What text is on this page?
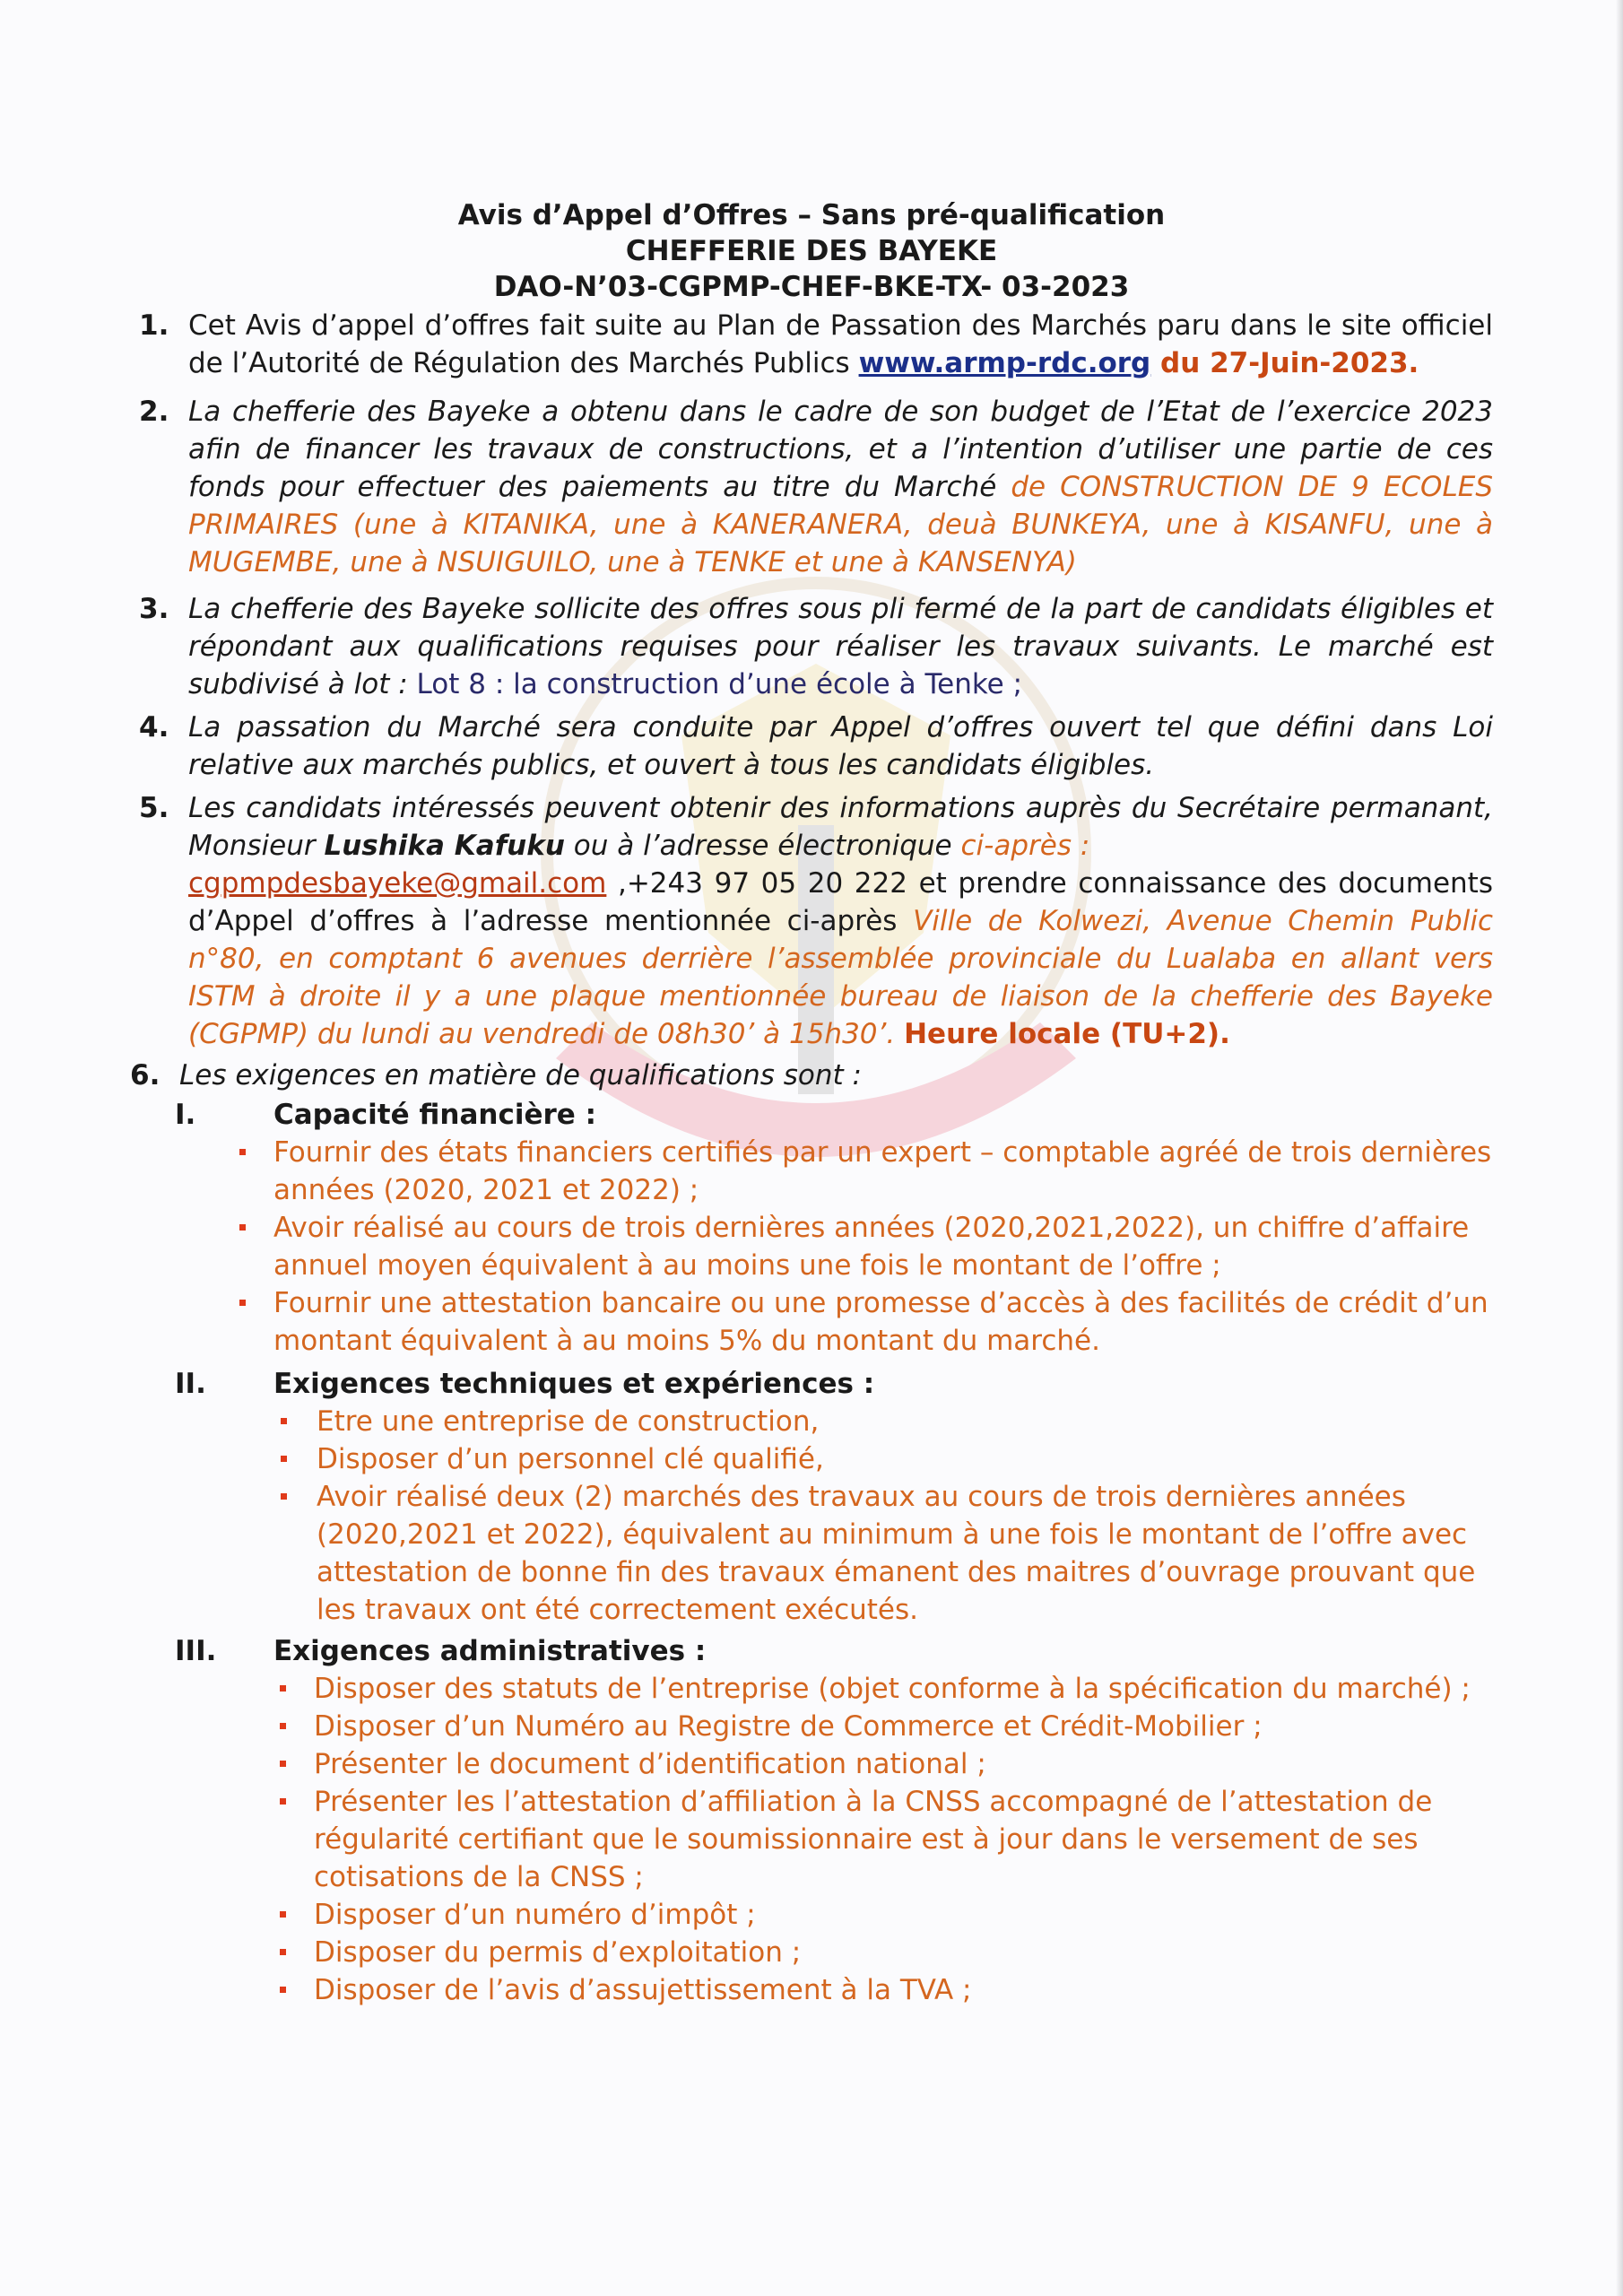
Avis d’Appel d’Offres – Sans pré-qualification
CHEFFERIE DES BAYEKE
DAO-N’03-CGPMP-CHEF-BKE-TX- 03-2023
1. Cet Avis d’appel d’offres fait suite au Plan de Passation des Marchés paru dans le site officiel de l’Autorité de Régulation des Marchés Publics www.armp-rdc.org du 27-Juin-2023.

2. La chefferie des Bayeke a obtenu dans le cadre de son budget de l’Etat de l’exercice 2023 afin de financer les travaux de constructions, et a l’intention d’utiliser une partie de ces fonds pour effectuer des paiements au titre du Marché de CONSTRUCTION DE 9 ECOLES PRIMAIRES (une à KITANIKA, une à KANERANERA, deuà BUNKEYA, une à KISANFU, une à MUGEMBE, une à NSUIGUILO, une à TENKE et une à KANSENYA)

3. La chefferie des Bayeke sollicite des offres sous pli fermé de la part de candidats éligibles et répondant aux qualifications requises pour réaliser les travaux suivants. Le marché est subdivisé à lot : Lot 8 : la construction d’une école à Tenke ;

4. La passation du Marché sera conduite par Appel d’offres ouvert tel que défini dans Loi relative aux marchés publics, et ouvert à tous les candidats éligibles.

5. Les candidats intéressés peuvent obtenir des informations auprès du Secrétaire permanant, Monsieur Lushika Kafuku ou à l’adresse électronique ci-après :
cgpmpdesbayeke@gmail.com ,+243 97 05 20 222 et prendre connaissance des documents d’Appel d’offres à l’adresse mentionnée ci-après Ville de Kolwezi, Avenue Chemin Public n°80, en comptant 6 avenues derrière l’assemblée provinciale du Lualaba en allant vers ISTM à droite il y a une plaque mentionnée bureau de liaison de la chefferie des Bayeke (CGPMP) du lundi au vendredi de 08h30’ à 15h30’. Heure locale (TU+2).

6. Les exigences en matière de qualifications sont :

I.	Capacité financière :
Fournir des états financiers certifiés par un expert – comptable agréé de trois dernières années (2020, 2021 et 2022) ;
Avoir réalisé au cours de trois dernières années (2020,2021,2022), un chiffre d’affaire annuel moyen équivalent à au moins une fois le montant de l’offre ;
Fournir une attestation bancaire ou une promesse d’accès à des facilités de crédit d’un montant équivalent à au moins 5% du montant du marché.
II. Exigences techniques et expériences :
Etre une entreprise de construction,
Disposer d’un personnel clé qualifié,
Avoir réalisé deux (2) marchés des travaux au cours de trois dernières années (2020,2021 et 2022), équivalent au minimum à une fois le montant de l’offre avec attestation de bonne fin des travaux émanent des maitres d’ouvrage prouvant que les travaux ont été correctement exécutés.
III. Exigences administratives :
Disposer des statuts de l’entreprise (objet conforme à la spécification du marché) ;
Disposer d’un Numéro au Registre de Commerce et Crédit-Mobilier ;
Présenter le document d’identification national ;
Présenter les l’attestation d’affiliation à la CNSS accompagné de l’attestation de régularité certifiant que le soumissionnaire est à jour dans le versement de ses cotisations de la CNSS ;
Disposer d’un numéro d’impôt ;
Disposer du permis d’exploitation ;
Disposer de l’avis d’assujettissement à la TVA ;
